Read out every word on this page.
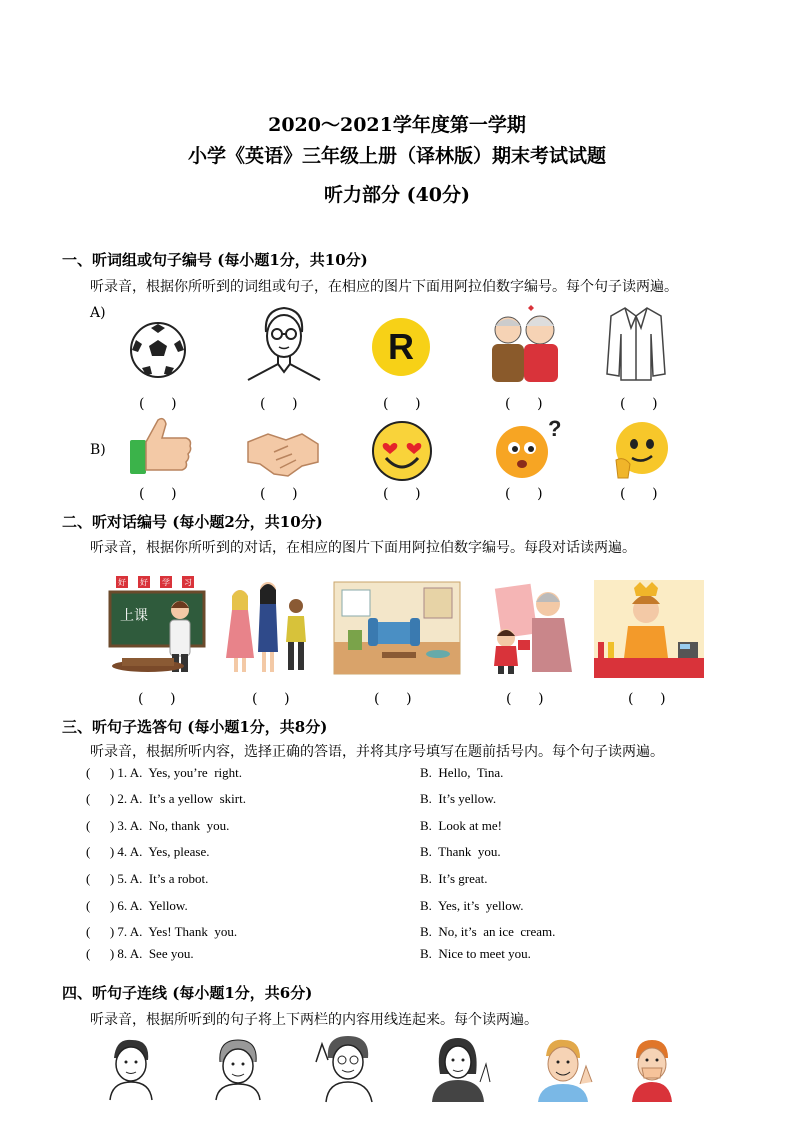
2020～2021学年度第一学期
小学《英语》三年级上册（译林版）期末考试试题
听力部分 (40分)
一、听词组或句子编号 (每小题1分，共10分)
听录音，根据你所听到的词组或句子，在相应的图片下面用阿拉伯数字编号。每个句子读两遍。
A)
R
(      )	(      )	(      )	(      )	(      )
B)
?
(      )	(      )	(      )	(      )	(      )
二、听对话编号 (每小题2分，共10分)
听录音，根据你所听到的对话，在相应的图片下面用阿拉伯数字编号。每段对话读两遍。
好 好 学 习
上课
(      )	(      )	(      )	(      )	(      )
三、听句子选答句 (每小题1分，共8分)
听录音，根据所听内容，选择正确的答语，并将其序号填写在题前括号内。每个句子读两遍。
(      ) 1. A.  Yes, you’re  right.	B.  Hello,  Tina.
(      ) 2. A.  It’s a yellow  skirt.	B.  It’s yellow.
(      ) 3. A.  No, thank  you.	B.  Look at me!
(      ) 4. A.  Yes, please.	B.  Thank  you.
(      ) 5. A.  It’s a robot.	B.  It’s great.
(      ) 6. A.  Yellow.	B.  Yes, it’s  yellow.
(      ) 7. A.  Yes! Thank  you.	B.  No, it’s  an ice  cream.
(      ) 8. A.  See you.	B.  Nice to meet you.
四、听句子连线 (每小题1分，共6分)
听录音，根据所听到的句子将上下两栏的内容用线连起来。每个读两遍。
